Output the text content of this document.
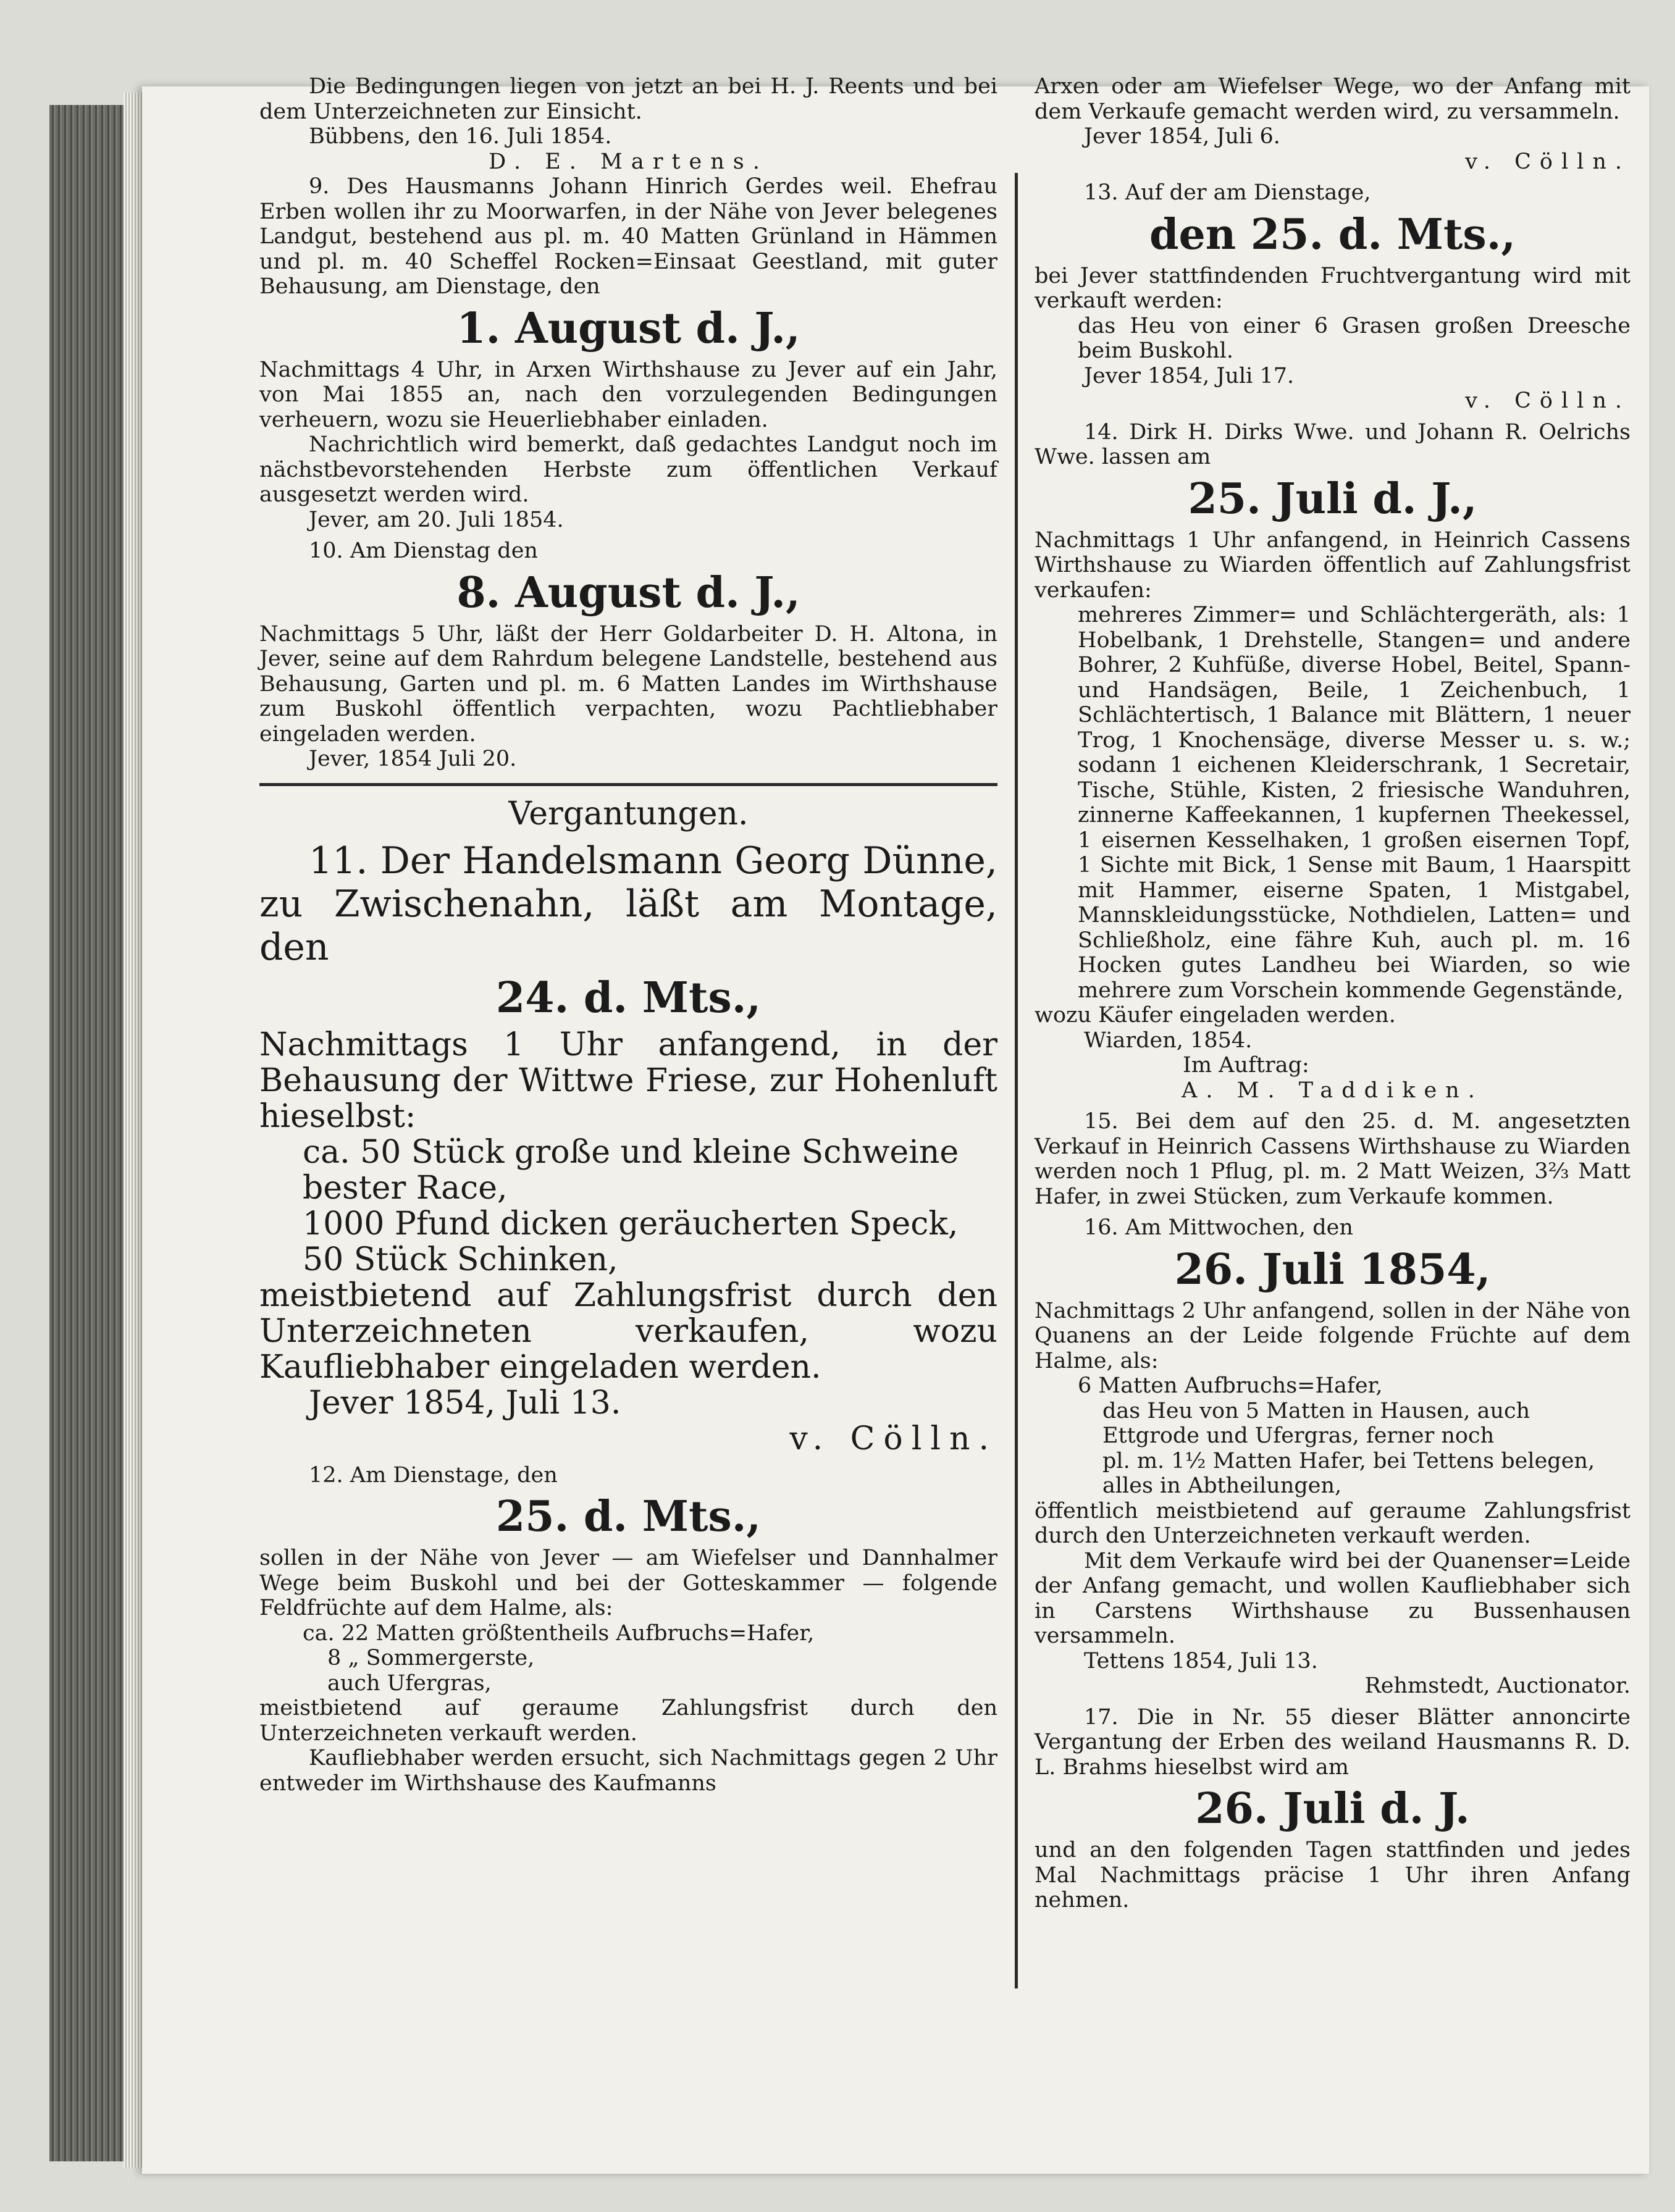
Die Bedingungen liegen von jetzt an bei H. J. Reents und bei dem Unterzeichneten zur Einsicht.

Bübbens, den 16. Juli 1854.

D. E. Martens.

9. Des Hausmanns Johann Hinrich Gerdes weil. Ehefrau Erben wollen ihr zu Moorwarfen, in der Nähe von Jever belegenes Landgut, bestehend aus pl. m. 40 Matten Grünland in Hämmen und pl. m. 40 Scheffel Rocken=Einsaat Geestland, mit guter Behausung, am Dienstage, den

1. August d. J.,

Nachmittags 4 Uhr, in Arxen Wirthshause zu Jever auf ein Jahr, von Mai 1855 an, nach den vorzulegenden Bedingungen verheuern, wozu sie Heuerliebhaber einladen.

Nachrichtlich wird bemerkt, daß gedachtes Landgut noch im nächstbevorstehenden Herbste zum öffentlichen Verkauf ausgesetzt werden wird.

Jever, am 20. Juli 1854.

10. Am Dienstag den

8. August d. J.,

Nachmittags 5 Uhr, läßt der Herr Goldarbeiter D. H. Altona, in Jever, seine auf dem Rahrdum belegene Landstelle, bestehend aus Behausung, Garten und pl. m. 6 Matten Landes im Wirthshause zum Buskohl öffentlich verpachten, wozu Pachtliebhaber eingeladen werden.

Jever, 1854 Juli 20.

Vergantungen.

11. Der Handelsmann Georg Dünne, zu Zwischenahn, läßt am Montage, den

24. d. Mts.,

Nachmittags 1 Uhr anfangend, in der Behausung der Wittwe Friese, zur Hohenluft hieselbst:

ca. 50 Stück große und kleine Schweine bester Race,

1000 Pfund dicken geräucherten Speck,

50 Stück Schinken,

meistbietend auf Zahlungsfrist durch den Unterzeichneten verkaufen, wozu Kaufliebhaber eingeladen werden.

Jever 1854, Juli 13.

v. Cölln.

12. Am Dienstage, den

25. d. Mts.,

sollen in der Nähe von Jever — am Wiefelser und Dannhalmer Wege beim Buskohl und bei der Gotteskammer — folgende Feldfrüchte auf dem Halme, als:

ca. 22 Matten größtentheils Aufbruchs=Hafer,

8 „ Sommergerste,

auch Ufergras,

meistbietend auf geraume Zahlungsfrist durch den Unterzeichneten verkauft werden.

Kaufliebhaber werden ersucht, sich Nachmittags gegen 2 Uhr entweder im Wirthshause des Kaufmanns

Arxen oder am Wiefelser Wege, wo der Anfang mit dem Verkaufe gemacht werden wird, zu versammeln.

Jever 1854, Juli 6.

v. Cölln.

13. Auf der am Dienstage,

den 25. d. Mts.,

bei Jever stattfindenden Fruchtvergantung wird mit verkauft werden:

das Heu von einer 6 Grasen großen Dreesche beim Buskohl.

Jever 1854, Juli 17.

v. Cölln.

14. Dirk H. Dirks Wwe. und Johann R. Oelrichs Wwe. lassen am

25. Juli d. J.,

Nachmittags 1 Uhr anfangend, in Heinrich Cassens Wirthshause zu Wiarden öffentlich auf Zahlungsfrist verkaufen:

mehreres Zimmer= und Schlächtergeräth, als: 1 Hobelbank, 1 Drehstelle, Stangen= und andere Bohrer, 2 Kuhfüße, diverse Hobel, Beitel, Spann- und Handsägen, Beile, 1 Zeichenbuch, 1 Schlächtertisch, 1 Balance mit Blättern, 1 neuer Trog, 1 Knochensäge, diverse Messer u. s. w.; sodann 1 eichenen Kleiderschrank, 1 Secretair, Tische, Stühle, Kisten, 2 friesische Wanduhren, zinnerne Kaffeekannen, 1 kupfernen Theekessel, 1 eisernen Kesselhaken, 1 großen eisernen Topf, 1 Sichte mit Bick, 1 Sense mit Baum, 1 Haarspitt mit Hammer, eiserne Spaten, 1 Mistgabel, Mannskleidungsstücke, Nothdielen, Latten= und Schließholz, eine fähre Kuh, auch pl. m. 16 Hocken gutes Landheu bei Wiarden, so wie mehrere zum Vorschein kommende Gegenstände,

wozu Käufer eingeladen werden.

Wiarden, 1854.

Im Auftrag:

A. M. Taddiken.

15. Bei dem auf den 25. d. M. angesetzten Verkauf in Heinrich Cassens Wirthshause zu Wiarden werden noch 1 Pflug, pl. m. 2 Matt Weizen, 3⅔ Matt Hafer, in zwei Stücken, zum Verkaufe kommen.

16. Am Mittwochen, den

26. Juli 1854,

Nachmittags 2 Uhr anfangend, sollen in der Nähe von Quanens an der Leide folgende Früchte auf dem Halme, als:

6 Matten Aufbruchs=Hafer,

das Heu von 5 Matten in Hausen, auch

Ettgrode und Ufergras, ferner noch

pl. m. 1½ Matten Hafer, bei Tettens belegen,

alles in Abtheilungen,

öffentlich meistbietend auf geraume Zahlungsfrist durch den Unterzeichneten verkauft werden.

Mit dem Verkaufe wird bei der Quanenser=Leide der Anfang gemacht, und wollen Kaufliebhaber sich in Carstens Wirthshause zu Bussenhausen versammeln.

Tettens 1854, Juli 13.

Rehmstedt, Auctionator.

17. Die in Nr. 55 dieser Blätter annoncirte Vergantung der Erben des weiland Hausmanns R. D. L. Brahms hieselbst wird am

26. Juli d. J.

und an den folgenden Tagen stattfinden und jedes Mal Nachmittags präcise 1 Uhr ihren Anfang nehmen.
